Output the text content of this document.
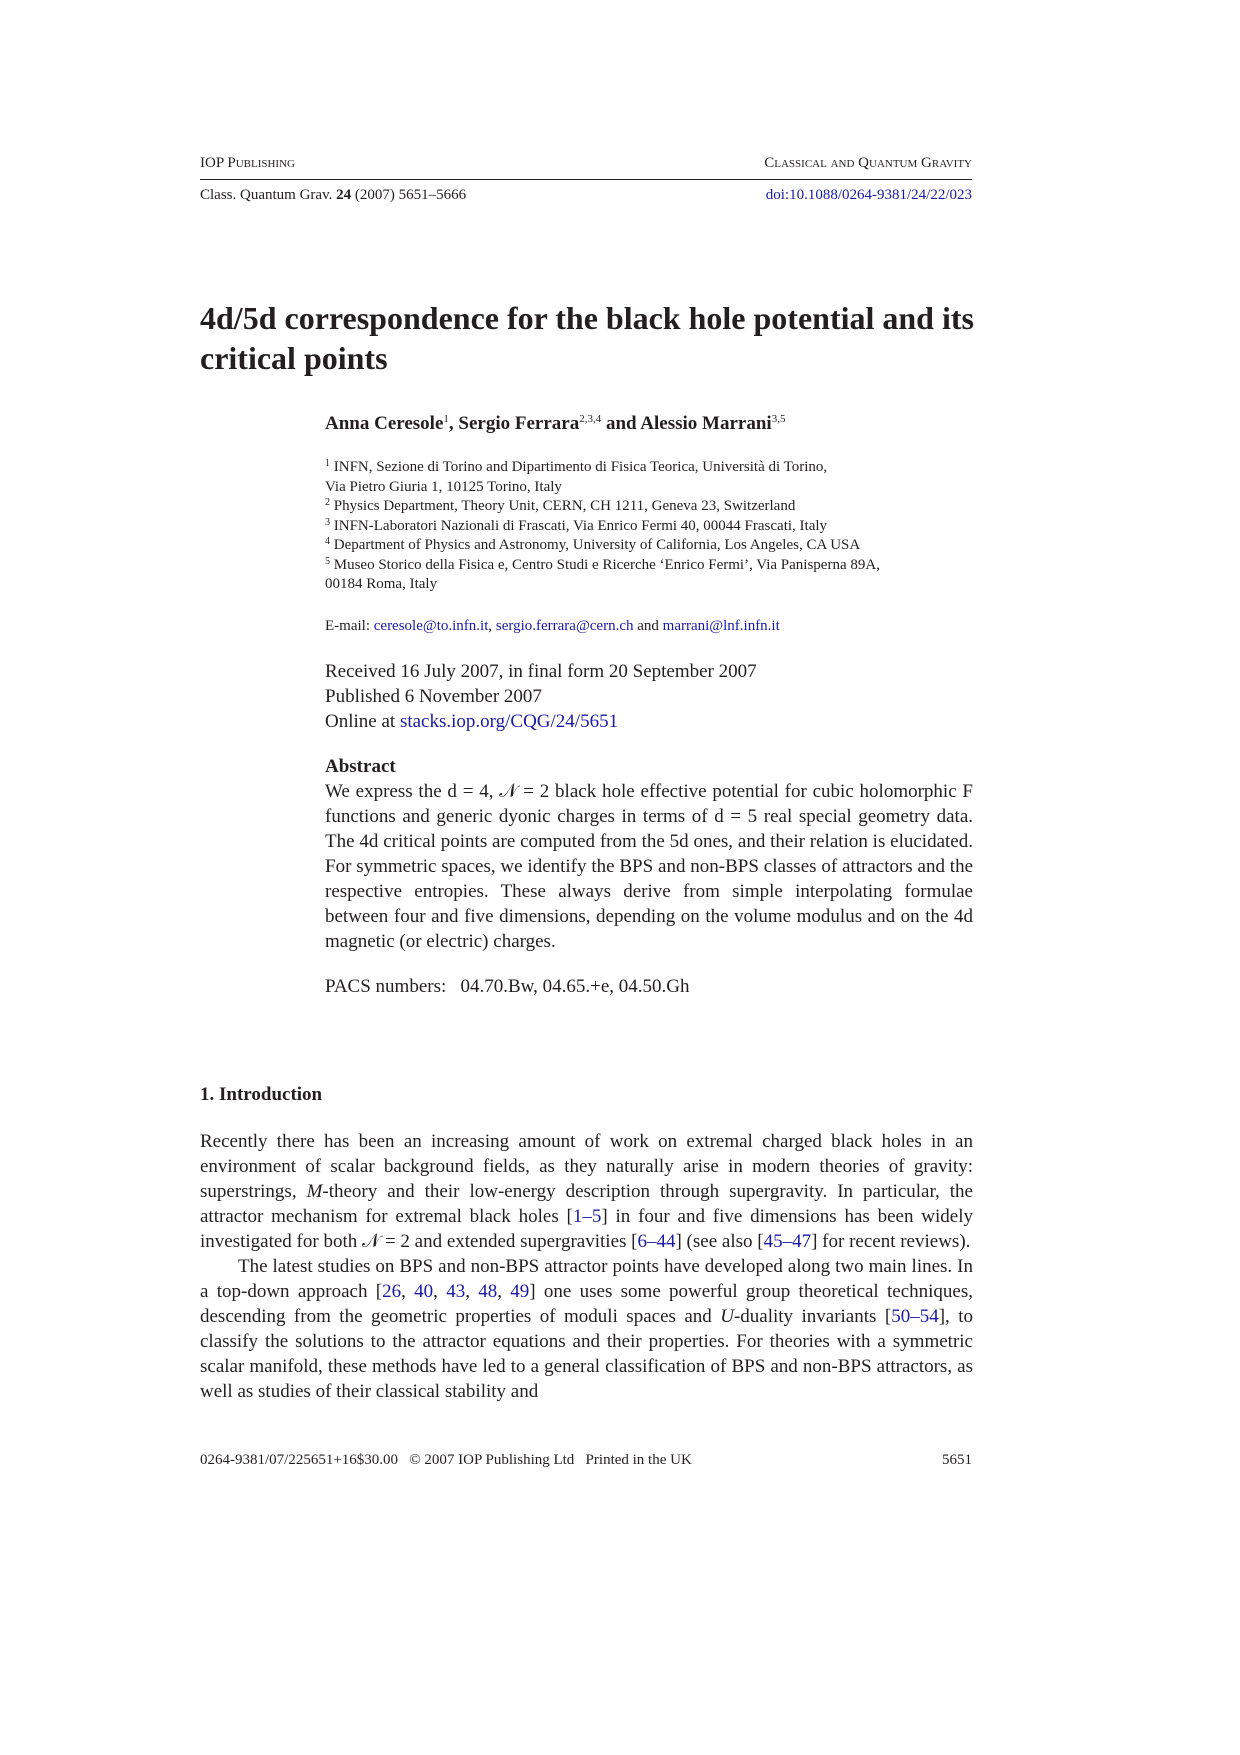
IOP Publishing	Classical and Quantum Gravity
Class. Quantum Grav. 24 (2007) 5651–5666	doi:10.1088/0264-9381/24/22/023
4d/5d correspondence for the black hole potential and its critical points
Anna Ceresole$^1$, Sergio Ferrara$^{2,3,4}$ and Alessio Marrani$^{3,5}$
$^1$ INFN, Sezione di Torino and Dipartimento di Fisica Teorica, Università di Torino,
Via Pietro Giuria 1, 10125 Torino, Italy
$^2$ Physics Department, Theory Unit, CERN, CH 1211, Geneva 23, Switzerland
$^3$ INFN-Laboratori Nazionali di Frascati, Via Enrico Fermi 40, 00044 Frascati, Italy
$^4$ Department of Physics and Astronomy, University of California, Los Angeles, CA USA
$^5$ Museo Storico della Fisica e, Centro Studi e Ricerche ‘Enrico Fermi’, Via Panisperna 89A,
00184 Roma, Italy
E-mail: ceresole@to.infn.it, sergio.ferrara@cern.ch and marrani@lnf.infn.it
Received 16 July 2007, in final form 20 September 2007
Published 6 November 2007
Online at stacks.iop.org/CQG/24/5651
Abstract
We express the d = 4, 𝒩 = 2 black hole effective potential for cubic holomorphic F functions and generic dyonic charges in terms of d = 5 real special geometry data. The 4d critical points are computed from the 5d ones, and their relation is elucidated. For symmetric spaces, we identify the BPS and non-BPS classes of attractors and the respective entropies. These always derive from simple interpolating formulae between four and five dimensions, depending on the volume modulus and on the 4d magnetic (or electric) charges.
PACS numbers:   04.70.Bw, 04.65.+e, 04.50.Gh
1. Introduction

Recently there has been an increasing amount of work on extremal charged black holes in an environment of scalar background fields, as they naturally arise in modern theories of gravity: superstrings, M-theory and their low-energy description through supergravity. In particular, the attractor mechanism for extremal black holes [1–5] in four and five dimensions has been widely investigated for both 𝒩 = 2 and extended supergravities [6–44] (see also [45–47] for recent reviews).

The latest studies on BPS and non-BPS attractor points have developed along two main lines. In a top-down approach [26, 40, 43, 48, 49] one uses some powerful group theoretical techniques, descending from the geometric properties of moduli spaces and U-duality invariants [50–54], to classify the solutions to the attractor equations and their properties. For theories with a symmetric scalar manifold, these methods have led to a general classification of BPS and non-BPS attractors, as well as studies of their classical stability and

0264-9381/07/225651+16$30.00   © 2007 IOP Publishing Ltd   Printed in the UK	5651
